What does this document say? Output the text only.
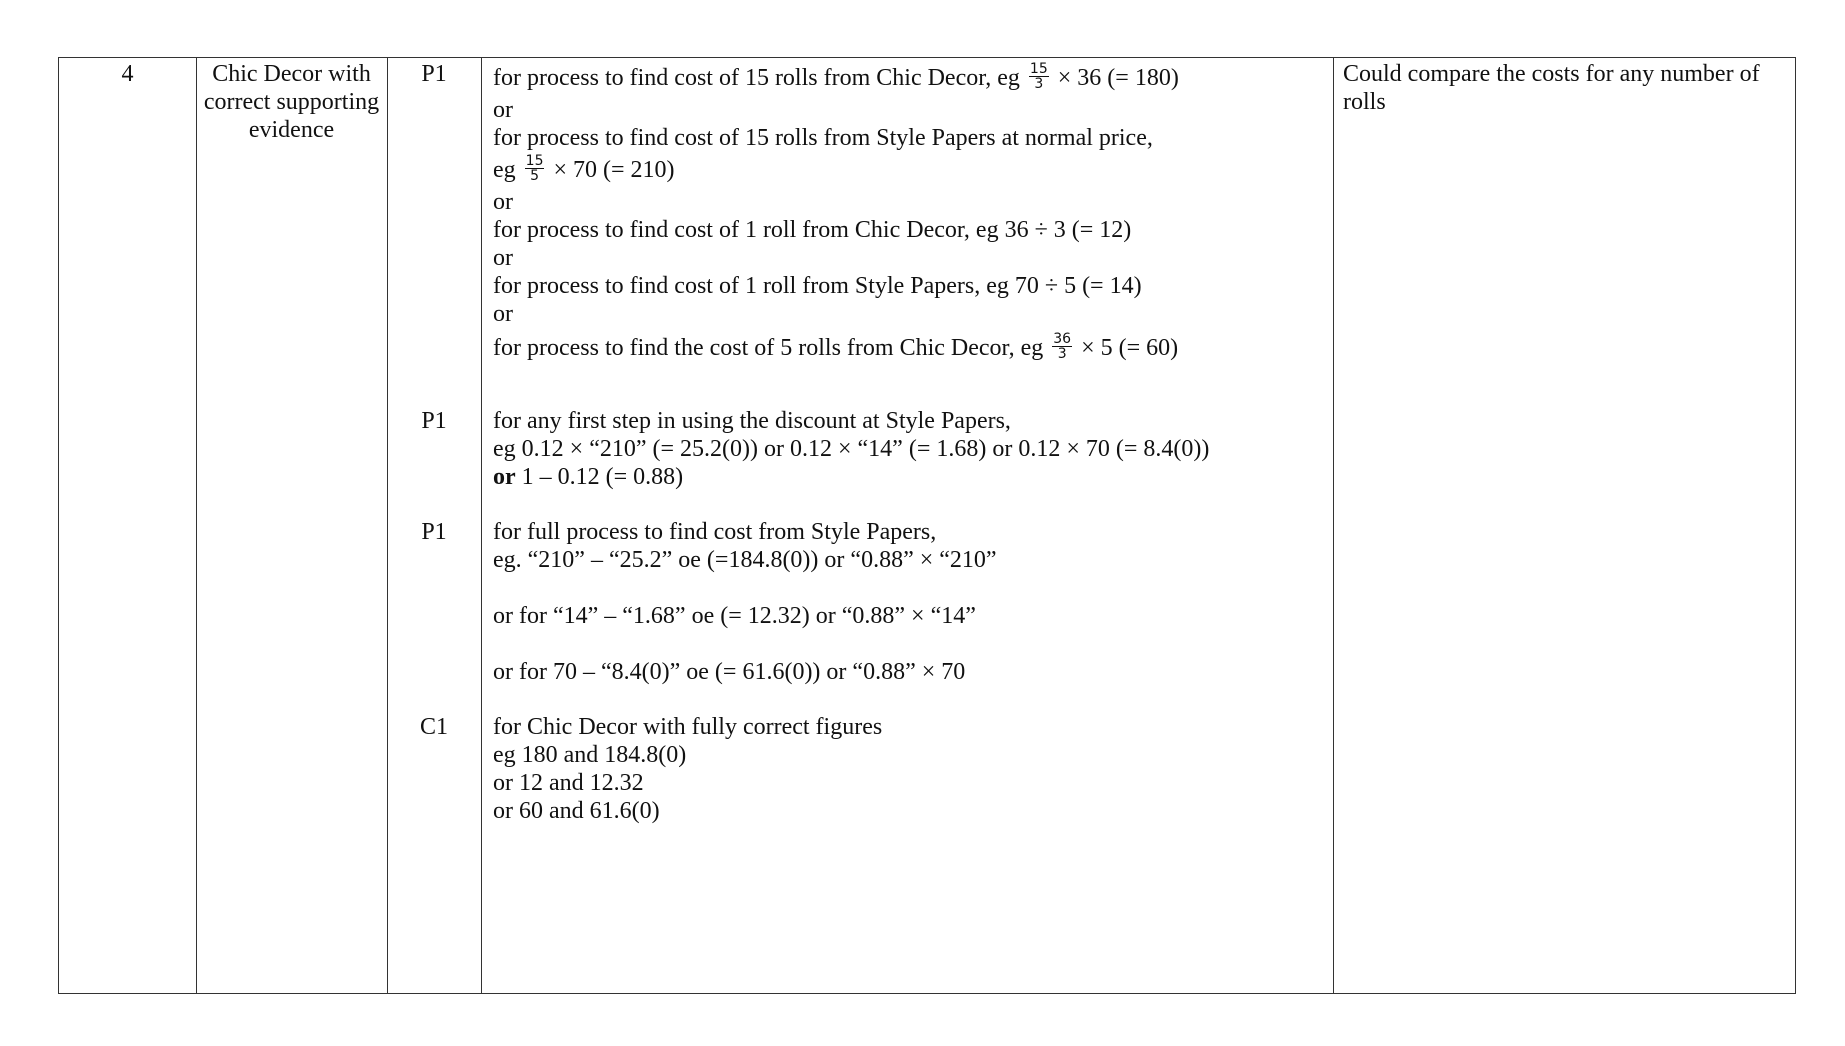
4	Chic Decor with correct supporting evidence
Could compare the costs for any number of rolls
P1
P1
P1
C1
for process to find cost of 15 rolls from Chic Decor, eg $\frac{15}{3} \times 36$ (= 180)
or
for process to find cost of 15 rolls from Style Papers at normal price,
eg $\frac{15}{5} \times 70$ (= 210)
or
for process to find cost of 1 roll from Chic Decor, eg 36 ÷ 3 (= 12)
or
for process to find cost of 1 roll from Style Papers, eg 70 ÷ 5 (= 14)
or
for process to find the cost of 5 rolls from Chic Decor, eg $\frac{36}{3} \times 5$ (= 60)
for any first step in using the discount at Style Papers,
eg 0.12 × “210” (= 25.2(0)) or 0.12 × “14” (= 1.68) or 0.12 × 70 (= 8.4(0))
or 1 – 0.12 (= 0.88)
for full process to find cost from Style Papers,
eg. “210” – “25.2” oe (=184.8(0)) or “0.88” × “210”
or for “14” – “1.68” oe (= 12.32) or “0.88” × “14”
or for 70 – “8.4(0)” oe (= 61.6(0)) or “0.88” × 70
for Chic Decor with fully correct figures
eg 180 and 184.8(0)
or 12 and 12.32
or 60 and 61.6(0)
